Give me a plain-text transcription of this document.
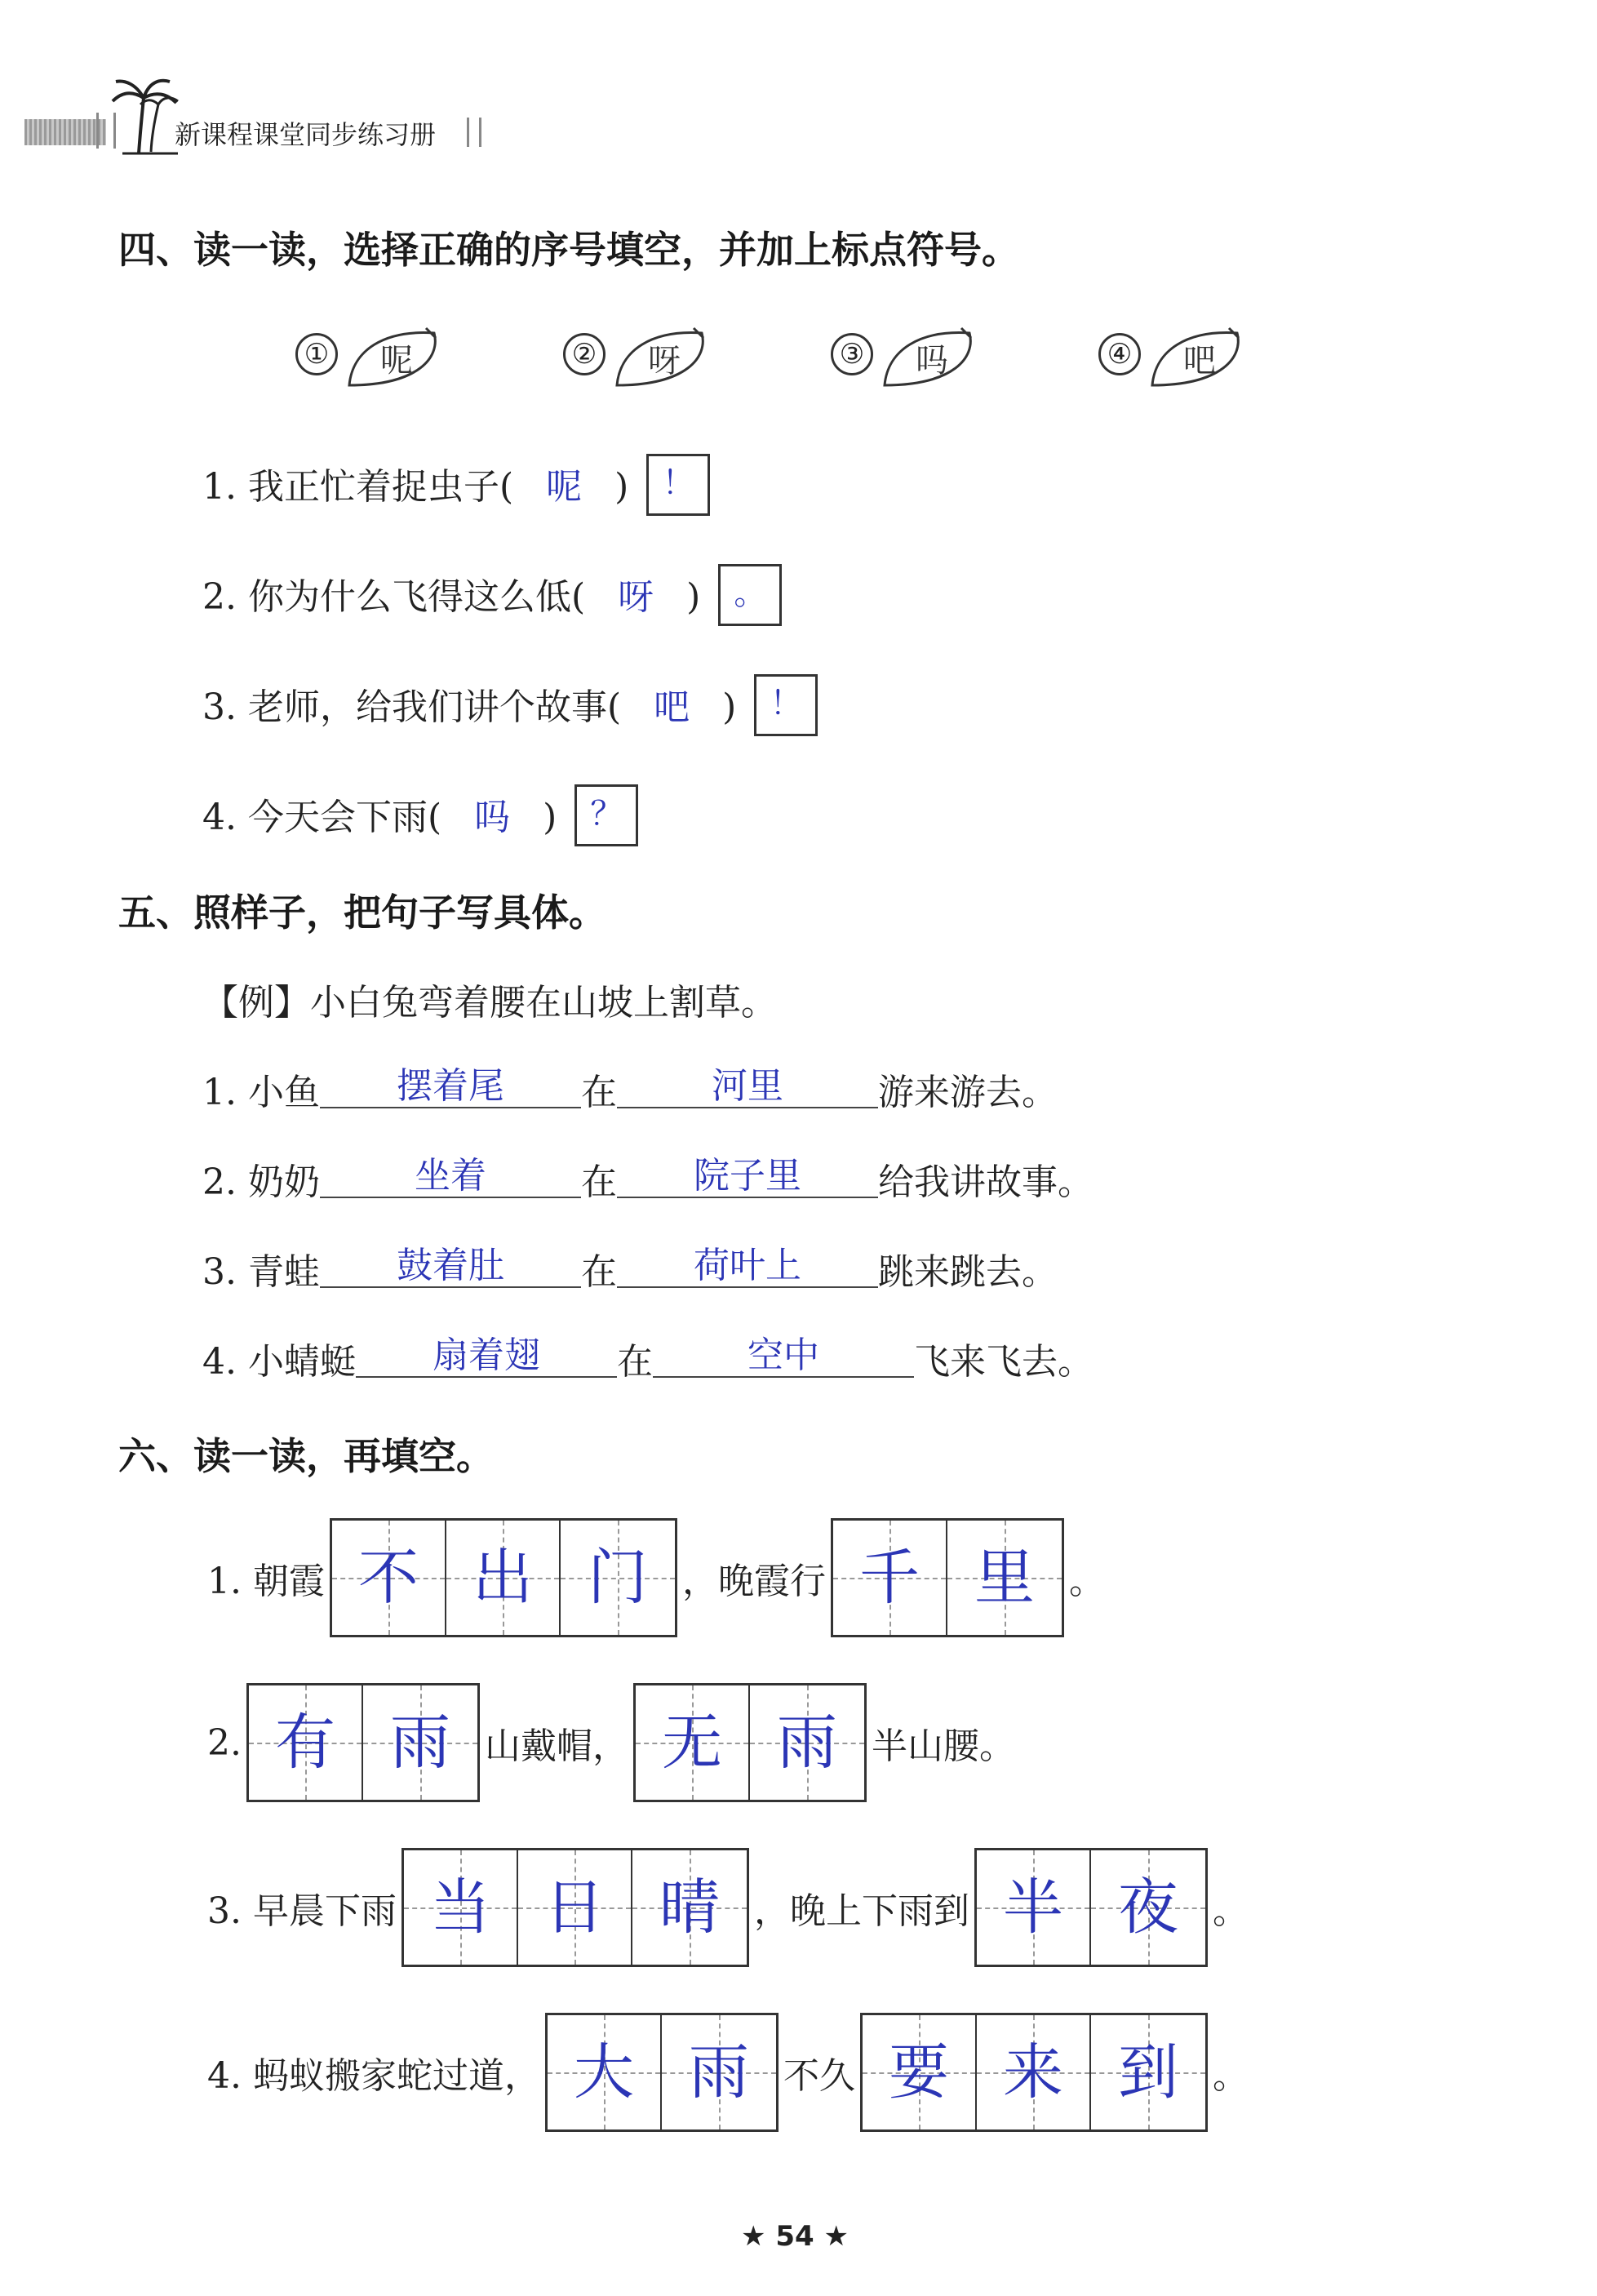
新课程课堂同步练习册
四、读一读，选择正确的序号填空，并加上标点符号。
① 呢	② 呀	③ 吗	④ 吧
1. 我正忙着捉虫子( 呢 ) ！
2. 你为什么飞得这么低( 呀 ) 。
3. 老师，给我们讲个故事( 吧 ) ！
4. 今天会下雨( 吗 ) ？
五、照样子，把句子写具体。
【例】小白兔弯着腰在山坡上割草。
1. 小鱼 摆着尾 在	河里	游来游去。
2. 奶奶	坐着	在 院子里 给我讲故事。
3. 青蛙 鼓着肚 在 荷叶上 跳来跳去。
4. 小蜻蜓 扇着翅 在	空中	飞来飞去。
六、读一读，再填空。
1. 朝霞 不 出 门 ，晚霞行 千 里 。
2. 有 雨 山戴帽， 无 雨 半山腰。
3. 早晨下雨 当 日 晴 ，晚上下雨到 半 夜 。
4. 蚂蚁搬家蛇过道， 大 雨 不久 要 来 到 。
★ 54 ★
